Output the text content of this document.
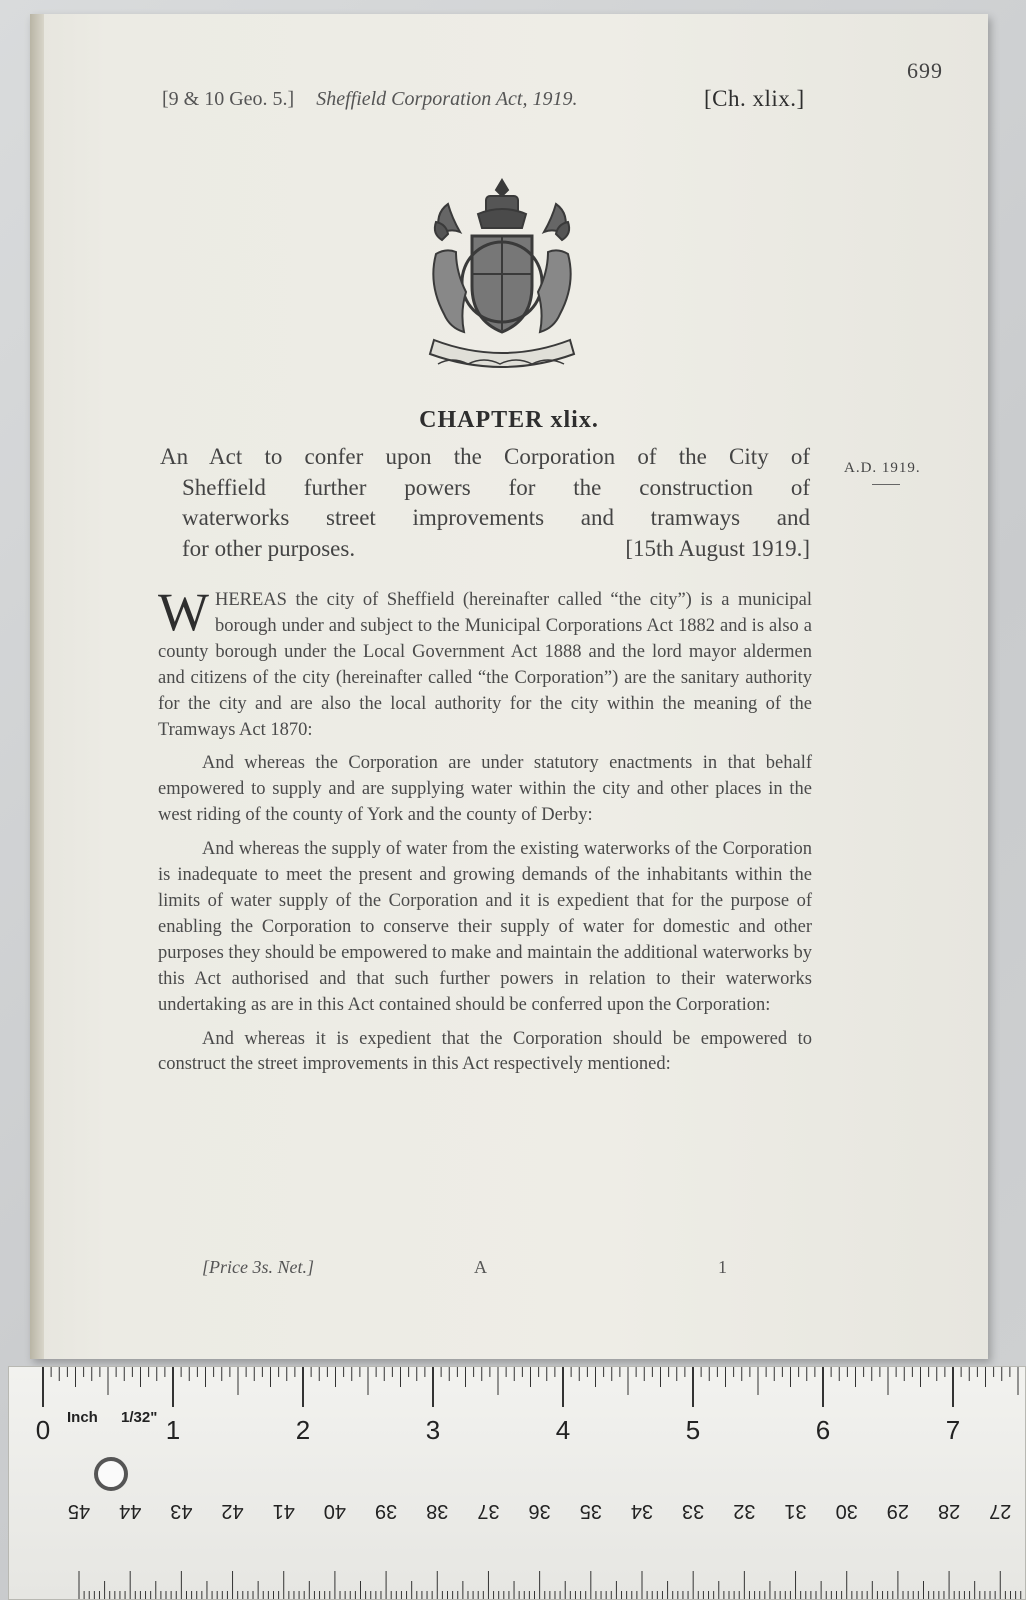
699
[9 & 10 Geo. 5.] Sheffield Corporation Act, 1919.	[Ch. xlix.]
CHAPTER xlix.
A.D. 1919.
An Act to confer upon the Corporation of the City of
Sheffield further powers for the construction of
waterworks street improvements and tramways and
for other purposes.	[15th August 1919.]

WHEREAS the city of Sheffield (hereinafter called “the city”) is a municipal borough under and subject to the Municipal Corporations Act 1882 and is also a county borough under the Local Government Act 1888 and the lord mayor aldermen and citizens of the city (hereinafter called “the Corporation”) are the sanitary authority for the city and are also the local authority for the city within the meaning of the Tramways Act 1870:

And whereas the Corporation are under statutory enactments in that behalf empowered to supply and are supplying water within the city and other places in the west riding of the county of York and the county of Derby:

And whereas the supply of water from the existing waterworks of the Corporation is inadequate to meet the present and growing demands of the inhabitants within the limits of water supply of the Corporation and it is expedient that for the purpose of enabling the Corporation to conserve their supply of water for domestic and other purposes they should be empowered to make and maintain the additional waterworks by this Act authorised and that such further powers in relation to their waterworks undertaking as are in this Act contained should be conferred upon the Corporation:

And whereas it is expedient that the Corporation should be empowered to construct the street improvements in this Act respectively mentioned:

[Price 3s. Net.]	A	1
0	1	2	3	4	5	6	7
45 44 43 42 41 40 39 38 37 36 35 34 33 32 31 30 29 28 27
Inch 1/32"
